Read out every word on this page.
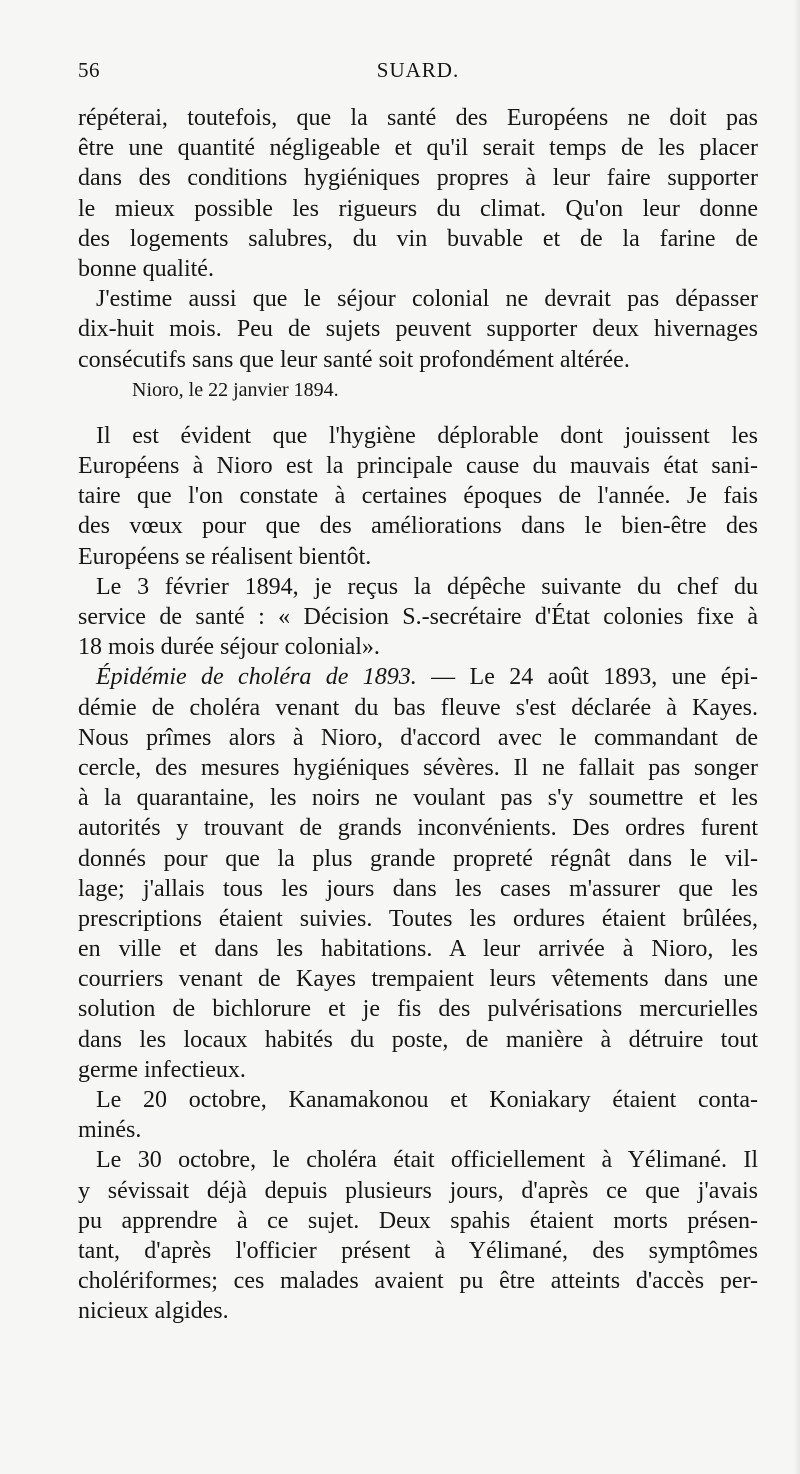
56	SUARD.
répéterai, toutefois, que la santé des Européens ne doit pas
être une quantité négligeable et qu'il serait temps de les placer
dans des conditions hygiéniques propres à leur faire supporter
le mieux possible les rigueurs du climat. Qu'on leur donne
des logements salubres, du vin buvable et de la farine de
bonne qualité.
J'estime aussi que le séjour colonial ne devrait pas dépasser
dix-huit mois. Peu de sujets peuvent supporter deux hivernages
consécutifs sans que leur santé soit profondément altérée.
Nioro, le 22 janvier 1894.
Il est évident que l'hygiène déplorable dont jouissent les
Européens à Nioro est la principale cause du mauvais état sani-
taire que l'on constate à certaines époques de l'année. Je fais
des vœux pour que des améliorations dans le bien-être des
Européens se réalisent bientôt.
Le 3 février 1894, je reçus la dépêche suivante du chef du
service de santé : « Décision S.-secrétaire d'État colonies fixe à
18 mois durée séjour colonial».
Épidémie de choléra de 1893. — Le 24 août 1893, une épi-
démie de choléra venant du bas fleuve s'est déclarée à Kayes.
Nous prîmes alors à Nioro, d'accord avec le commandant de
cercle, des mesures hygiéniques sévères. Il ne fallait pas songer
à la quarantaine, les noirs ne voulant pas s'y soumettre et les
autorités y trouvant de grands inconvénients. Des ordres furent
donnés pour que la plus grande propreté régnât dans le vil-
lage; j'allais tous les jours dans les cases m'assurer que les
prescriptions étaient suivies. Toutes les ordures étaient brûlées,
en ville et dans les habitations. A leur arrivée à Nioro, les
courriers venant de Kayes trempaient leurs vêtements dans une
solution de bichlorure et je fis des pulvérisations mercurielles
dans les locaux habités du poste, de manière à détruire tout
germe infectieux.
Le 20 octobre, Kanamakonou et Koniakary étaient conta-
minés.
Le 30 octobre, le choléra était officiellement à Yélimané. Il
y sévissait déjà depuis plusieurs jours, d'après ce que j'avais
pu apprendre à ce sujet. Deux spahis étaient morts présen-
tant, d'après l'officier présent à Yélimané, des symptômes
cholériformes; ces malades avaient pu être atteints d'accès per-
nicieux algides.
